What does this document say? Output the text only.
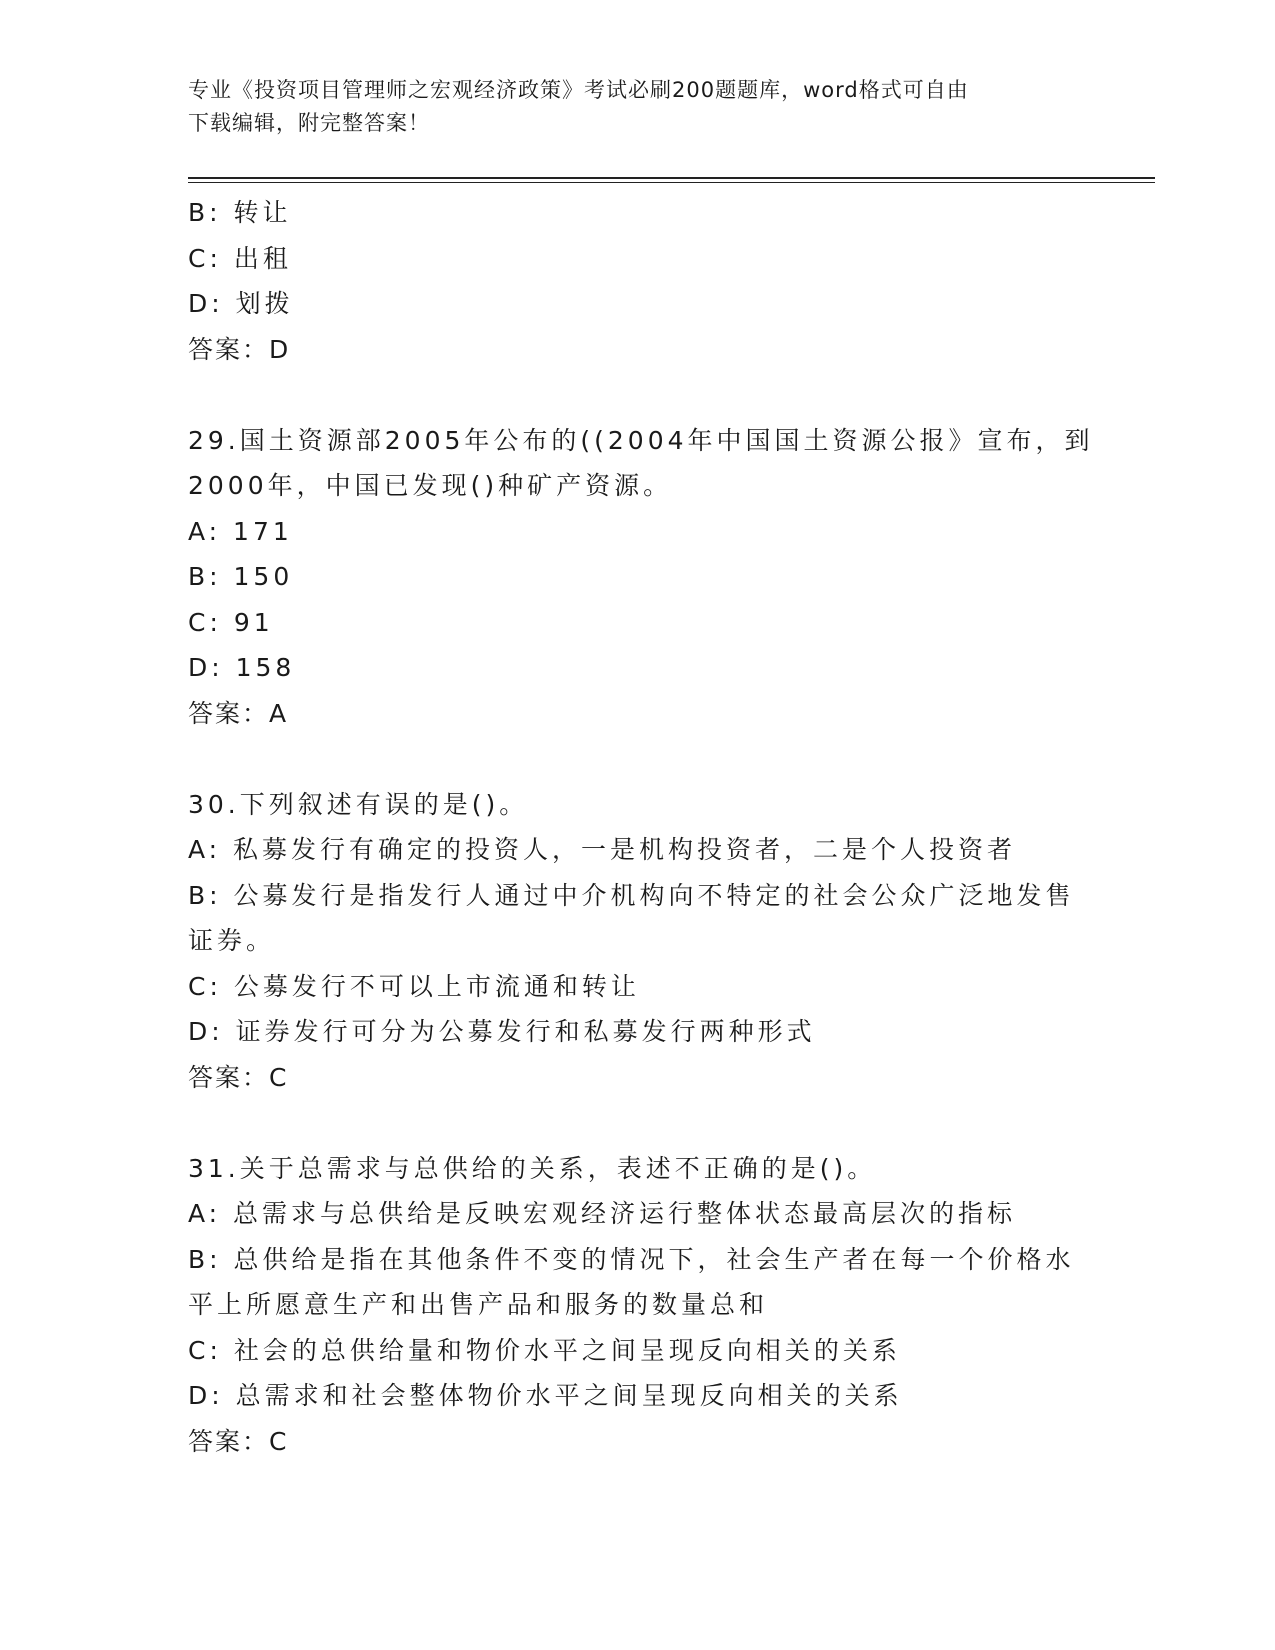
专业《投资项目管理师之宏观经济政策》考试必刷200题题库，word格式可自由
下载编辑，附完整答案！
B: 转让
C: 出租
D: 划拨
答案：D
29.国土资源部2005年公布的((2004年中国国土资源公报》宣布，到
2000年，中国已发现()种矿产资源。
A: 171
B: 150
C: 91
D: 158
答案：A
30.下列叙述有误的是()。
A: 私募发行有确定的投资人，一是机构投资者，二是个人投资者
B: 公募发行是指发行人通过中介机构向不特定的社会公众广泛地发售
证券。
C: 公募发行不可以上市流通和转让
D: 证券发行可分为公募发行和私募发行两种形式
答案：C
31.关于总需求与总供给的关系，表述不正确的是()。
A: 总需求与总供给是反映宏观经济运行整体状态最高层次的指标
B: 总供给是指在其他条件不变的情况下，社会生产者在每一个价格水
平上所愿意生产和出售产品和服务的数量总和
C: 社会的总供给量和物价水平之间呈现反向相关的关系
D: 总需求和社会整体物价水平之间呈现反向相关的关系
答案：C
